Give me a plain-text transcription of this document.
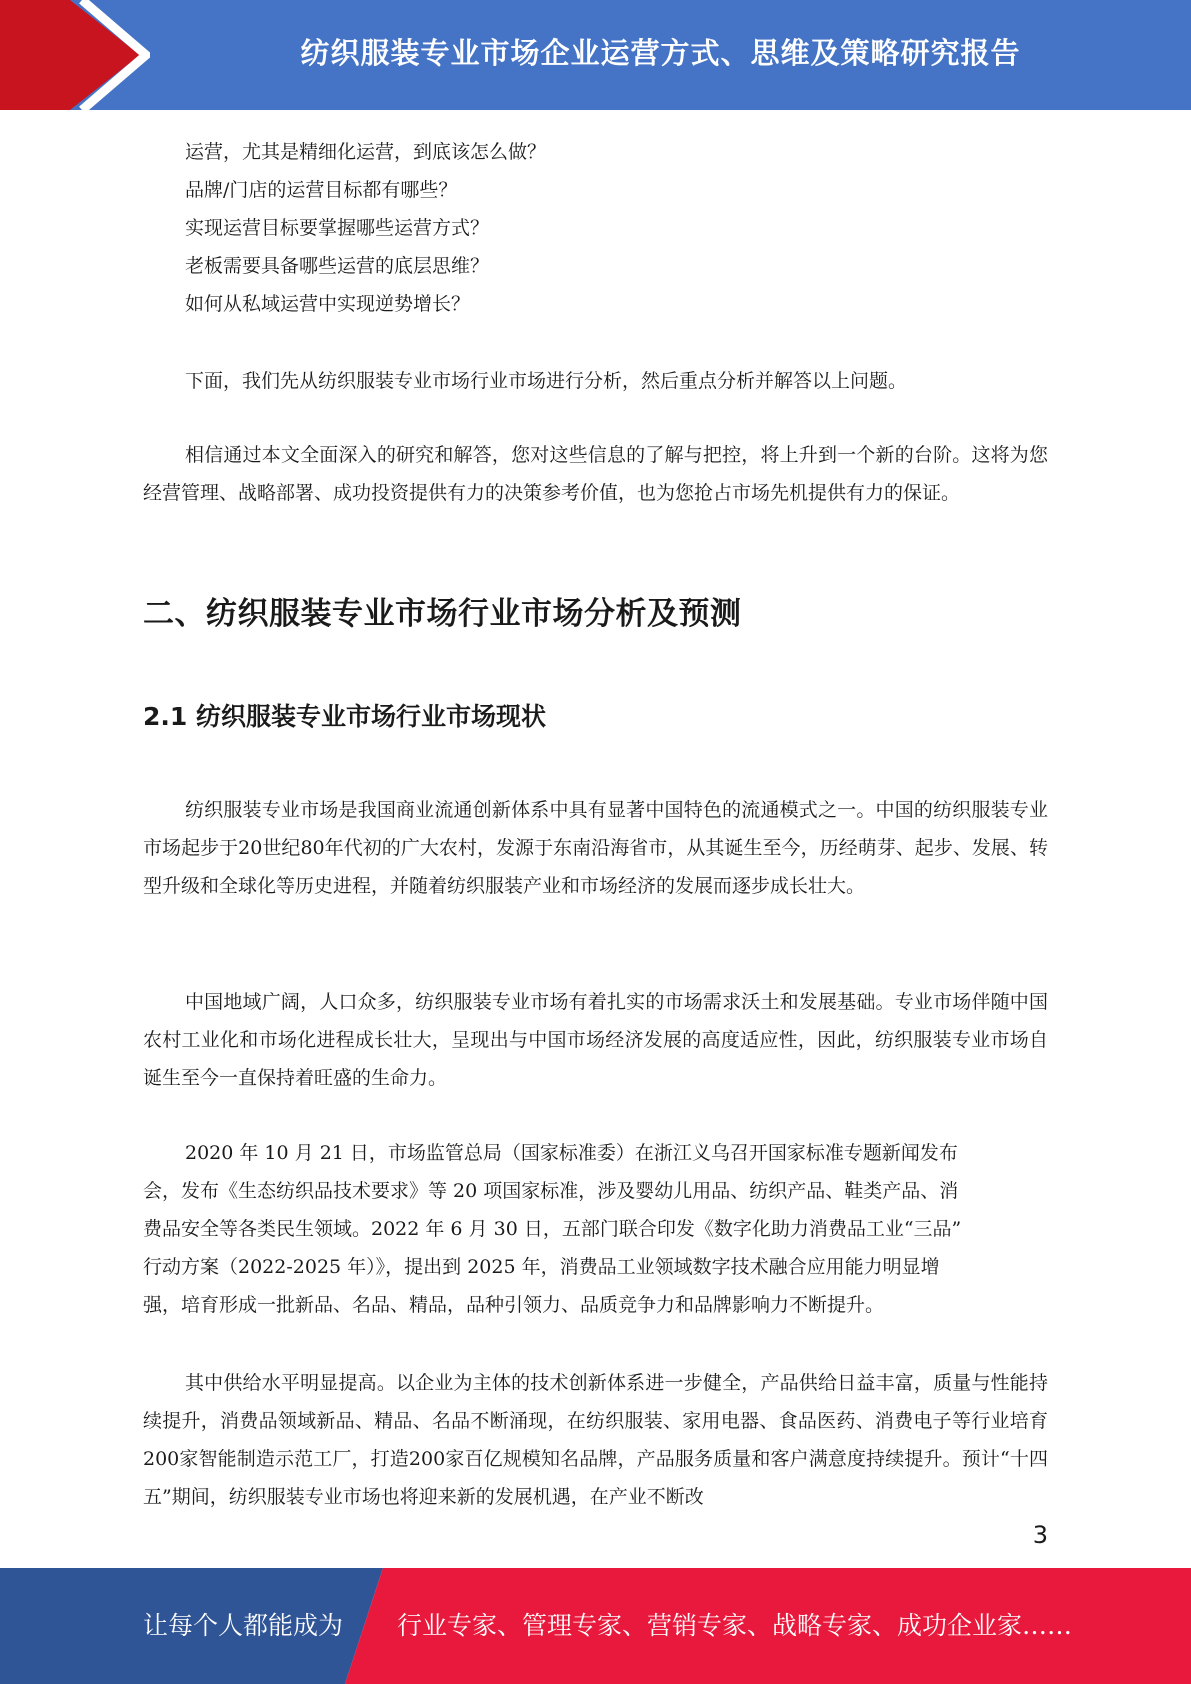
纺织服装专业市场企业运营方式、思维及策略研究报告
运营，尤其是精细化运营，到底该怎么做？
品牌/门店的运营目标都有哪些？
实现运营目标要掌握哪些运营方式？
老板需要具备哪些运营的底层思维？
如何从私域运营中实现逆势增长？
下面，我们先从纺织服装专业市场行业市场进行分析，然后重点分析并解答以上问题。
相信通过本文全面深入的研究和解答，您对这些信息的了解与把控，将上升到一个新的台阶。这将为您经营管理、战略部署、成功投资提供有力的决策参考价值，也为您抢占市场先机提供有力的保证。
二、纺织服装专业市场行业市场分析及预测
2.1 纺织服装专业市场行业市场现状
纺织服装专业市场是我国商业流通创新体系中具有显著中国特色的流通模式之一。中国的纺织服装专业市场起步于20世纪80年代初的广大农村，发源于东南沿海省市，从其诞生至今，历经萌芽、起步、发展、转型升级和全球化等历史进程，并随着纺织服装产业和市场经济的发展而逐步成长壮大。
中国地域广阔，人口众多，纺织服装专业市场有着扎实的市场需求沃土和发展基础。专业市场伴随中国农村工业化和市场化进程成长壮大，呈现出与中国市场经济发展的高度适应性，因此，纺织服装专业市场自诞生至今一直保持着旺盛的生命力。
2020 年 10 月 21 日，市场监管总局（国家标准委）在浙江义乌召开国家标准专题新闻发布
会，发布《生态纺织品技术要求》等 20 项国家标准，涉及婴幼儿用品、纺织产品、鞋类产品、消
费品安全等各类民生领域。2022 年 6 月 30 日，五部门联合印发《数字化助力消费品工业“三品”
行动方案（2022-2025 年）》，提出到 2025 年，消费品工业领域数字技术融合应用能力明显增
强，培育形成一批新品、名品、精品，品种引领力、品质竞争力和品牌影响力不断提升。
其中供给水平明显提高。以企业为主体的技术创新体系进一步健全，产品供给日益丰富，质量与性能持续提升，消费品领域新品、精品、名品不断涌现，在纺织服装、家用电器、食品医药、消费电子等行业培育200家智能制造示范工厂，打造200家百亿规模知名品牌，产品服务质量和客户满意度持续提升。预计“十四五”期间，纺织服装专业市场也将迎来新的发展机遇，在产业不断改
3
让每个人都能成为 行业专家、管理专家、营销专家、战略专家、成功企业家……
